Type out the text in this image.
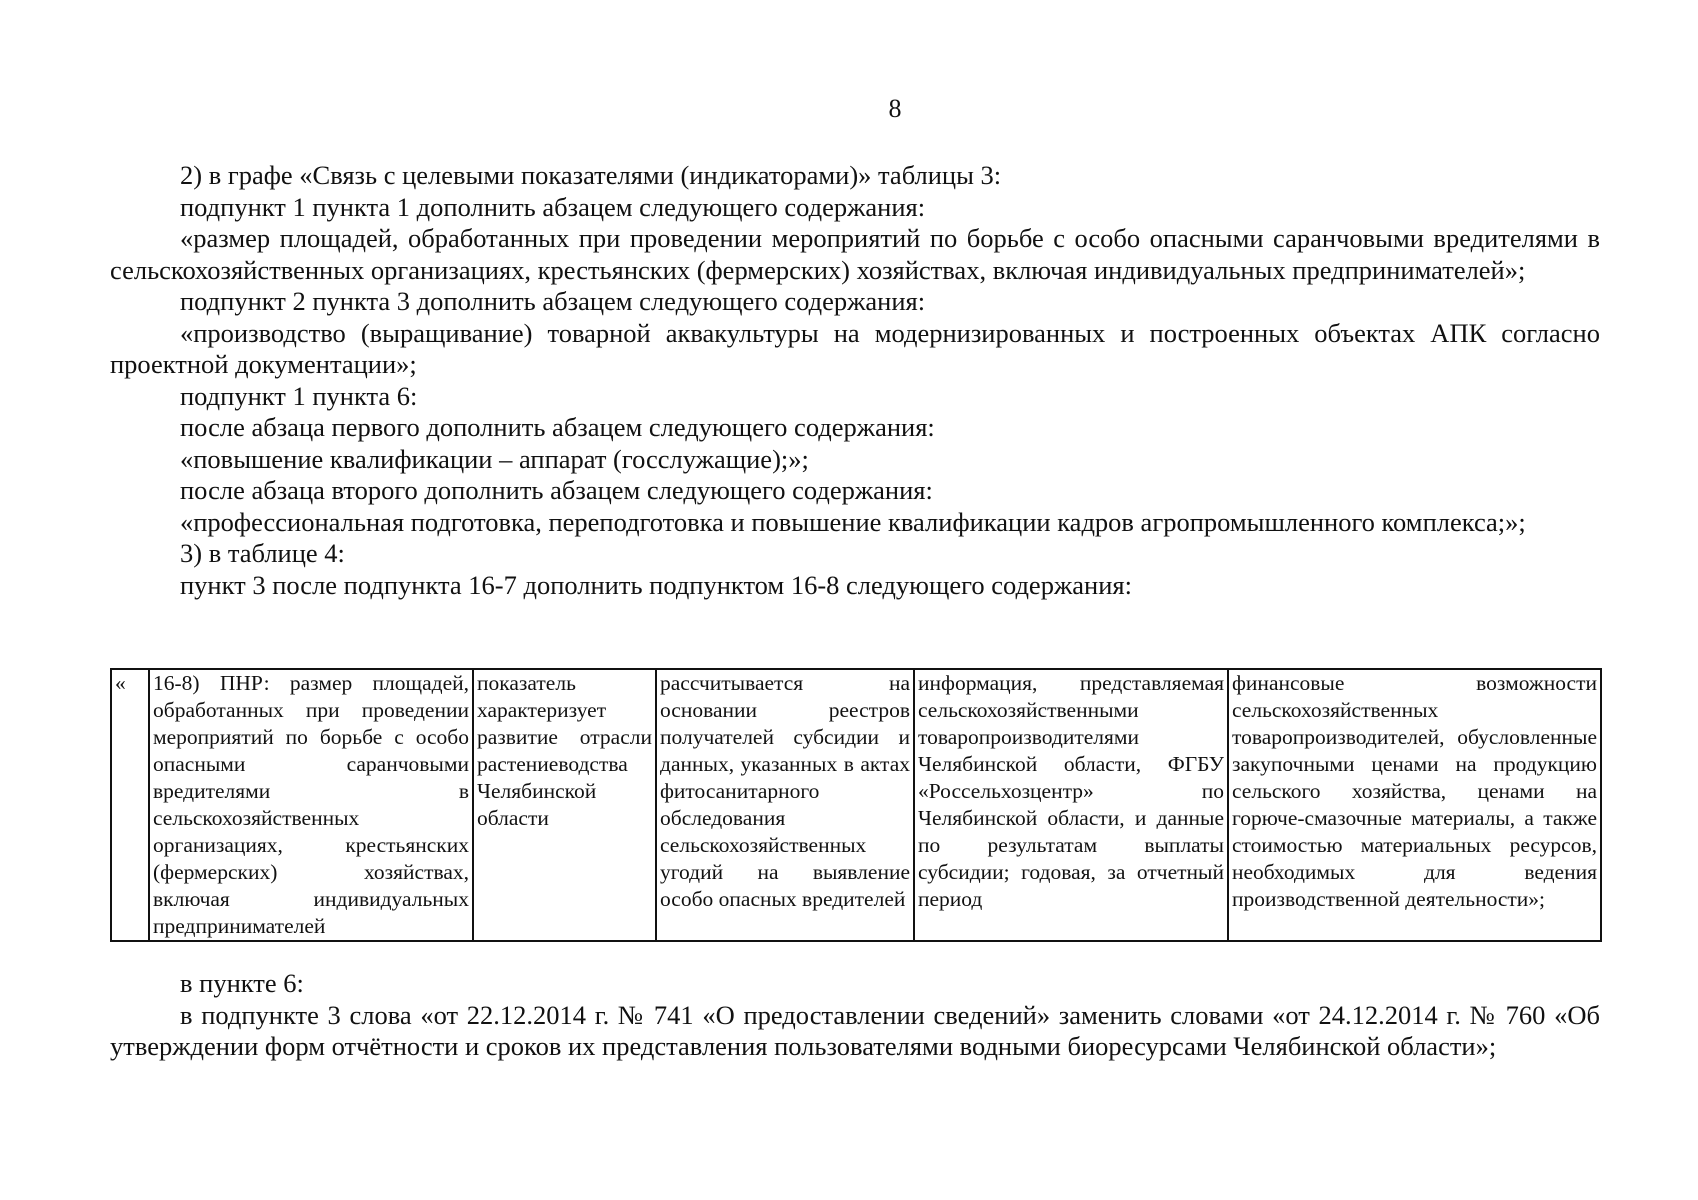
8

2) в графе «Связь с целевыми показателями (индикаторами)» таблицы 3:

подпункт 1 пункта 1 дополнить абзацем следующего содержания:

«размер площадей, обработанных при проведении мероприятий по борьбе с особо опасными саранчовыми вредителями в сельскохозяйственных организациях, крестьянских (фермерских) хозяйствах, включая индивидуальных предпринимателей»;

подпункт 2 пункта 3 дополнить абзацем следующего содержания:

«производство (выращивание) товарной аквакультуры на модернизированных и построенных объектах АПК согласно проектной документации»;

подпункт 1 пункта 6:

после абзаца первого дополнить абзацем следующего содержания:

«повышение квалификации – аппарат (госслужащие);»;

после абзаца второго дополнить абзацем следующего содержания:

«профессиональная подготовка, переподготовка и повышение квалификации кадров агропромышленного комплекса;»;

3) в таблице 4:

пункт 3 после подпункта 16-7 дополнить подпунктом 16-8 следующего содержания:

«	16-8) ПНР: размер площадей, обработанных при проведении мероприятий по борьбе с особо опасными саранчовыми вредителями в сельскохозяйственных организациях, крестьянских (фермерских) хозяйствах, включая индивидуальных предпринимателей	показатель характеризует развитие отрасли растениеводства Челябинской области	рассчитывается на основании реестров получателей субсидии и данных, указанных в актах фитосанитарного обследования сельскохозяйственных угодий на выявление особо опасных вредителей	информация, представляемая сельскохозяйственными товаропроизводителями Челябинской области, ФГБУ «Россельхозцентр» по Челябинской области, и данные по результатам выплаты субсидии; годовая, за отчетный период	финансовые возможности сельскохозяйственных товаропроизводителей, обусловленные закупочными ценами на продукцию сельского хозяйства, ценами на горюче-смазочные материалы, а также стоимостью материальных ресурсов, необходимых для ведения производственной деятельности»;

в пункте 6:

в подпункте 3 слова «от 22.12.2014 г. № 741 «О предоставлении сведений» заменить словами «от 24.12.2014 г. № 760 «Об утверждении форм отчётности и сроков их представления пользователями водными биоресурсами Челябинской области»;
